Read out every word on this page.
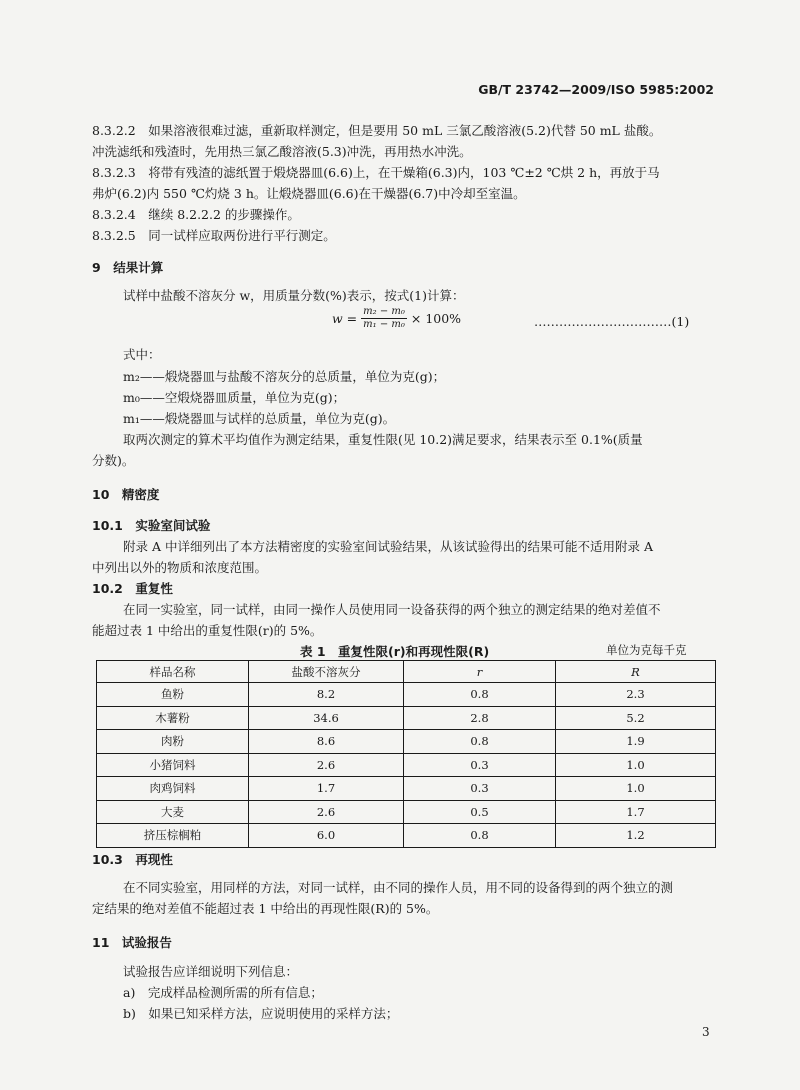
GB/T 23742—2009/ISO 5985:2002
8.3.2.2　如果溶液很难过滤，重新取样测定，但是要用 50 mL 三氯乙酸溶液(5.2)代替 50 mL 盐酸。
冲洗滤纸和残渣时，先用热三氯乙酸溶液(5.3)冲洗，再用热水冲洗。
8.3.2.3　将带有残渣的滤纸置于煅烧器皿(6.6)上，在干燥箱(6.3)内，103 ℃±2 ℃烘 2 h，再放于马
弗炉(6.2)内 550 ℃灼烧 3 h。让煅烧器皿(6.6)在干燥器(6.7)中冷却至室温。
8.3.2.4　继续 8.2.2.2 的步骤操作。
8.3.2.5　同一试样应取两份进行平行测定。
9　结果计算
试样中盐酸不溶灰分 w，用质量分数(%)表示，按式(1)计算：
$w = \frac{\text{m₂ − m₀}}{\text{m₁ − m₀}} \times 100\%$	……………………………(1)
式中：
m₂——煅烧器皿与盐酸不溶灰分的总质量，单位为克(g)；
m₀——空煅烧器皿质量，单位为克(g)；
m₁——煅烧器皿与试样的总质量，单位为克(g)。
取两次测定的算术平均值作为测定结果，重复性限(见 10.2)满足要求，结果表示至 0.1%(质量
分数)。
10　精密度
10.1　实验室间试验
附录 A 中详细列出了本方法精密度的实验室间试验结果，从该试验得出的结果可能不适用附录 A
中列出以外的物质和浓度范围。
10.2　重复性
在同一实验室，同一试样，由同一操作人员使用同一设备获得的两个独立的测定结果的绝对差值不
能超过表 1 中给出的重复性限(r)的 5%。
表 1　重复性限(r)和再现性限(R)	单位为克每千克
样品名称	盐酸不溶灰分	r	R
鱼粉	8.2	0.8	2.3
木薯粉	34.6	2.8	5.2
肉粉	8.6	0.8	1.9
小猪饲料	2.6	0.3	1.0
肉鸡饲料	1.7	0.3	1.0
大麦	2.6	0.5	1.7
挤压棕榈粕	6.0	0.8	1.2
10.3　再现性
在不同实验室，用同样的方法，对同一试样，由不同的操作人员，用不同的设备得到的两个独立的测
定结果的绝对差值不能超过表 1 中给出的再现性限(R)的 5%。
11　试验报告
试验报告应详细说明下列信息：
a)　完成样品检测所需的所有信息；
b)　如果已知采样方法，应说明使用的采样方法；
3
